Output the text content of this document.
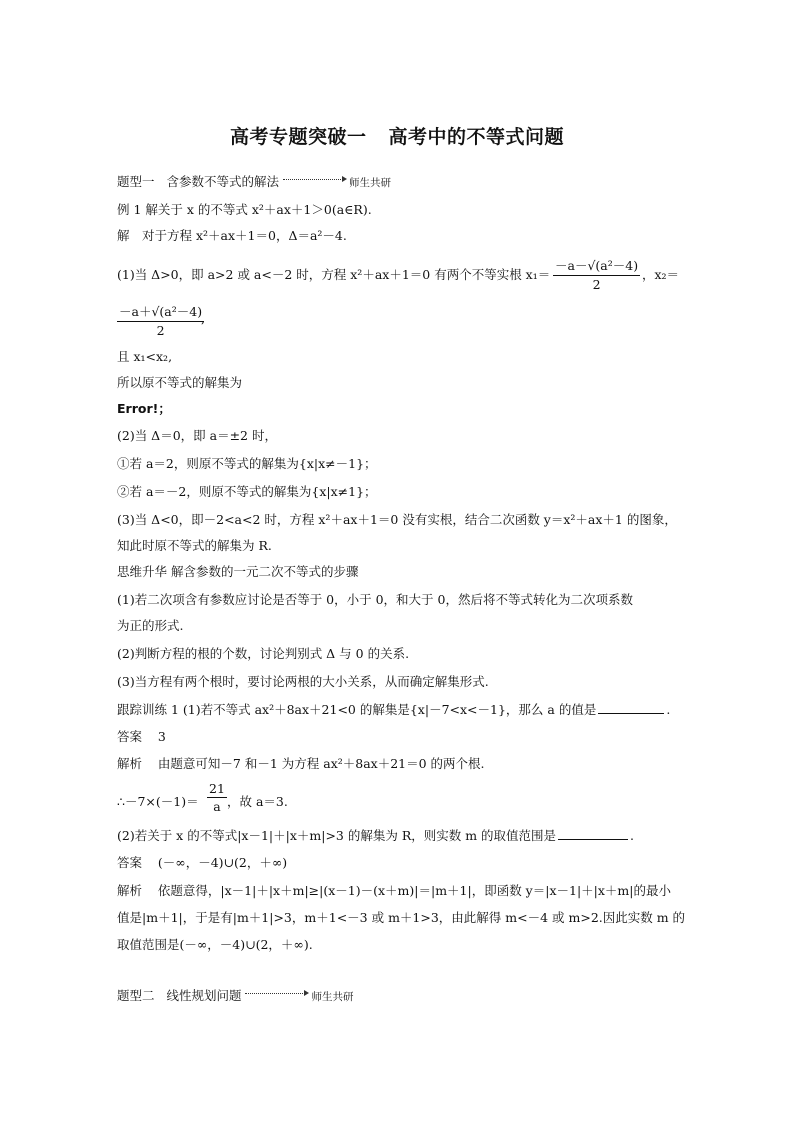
高考专题突破一 高考中的不等式问题
题型一 含参数不等式的解法	师生共研
例 1 解关于 x 的不等式 x²＋ax＋1＞0(a∈R).
解　对于方程 x²＋ax＋1＝0，Δ＝a²－4.
(1)当 Δ>0，即 a>2 或 a<－2 时，方程 x²＋ax＋1＝0 有两个不等实根 $x_1= \frac{\text{－a－√(a²－4)}}{2}$ ，x₂＝
$\frac{\text{－a＋√(a²－4)}}{2}$
,
且 x₁<x₂,
所以原不等式的解集为
Error!；
(2)当 Δ＝0，即 a＝±2 时，
①若 a＝2，则原不等式的解集为{x|x≠－1}；
②若 a＝－2，则原不等式的解集为{x|x≠1}；
(3)当 Δ<0，即－2<a<2 时，方程 x²＋ax＋1＝0 没有实根，结合二次函数 y＝x²＋ax＋1 的图象，
知此时原不等式的解集为 R.
思维升华 解含参数的一元二次不等式的步骤
(1)若二次项含有参数应讨论是否等于 0，小于 0，和大于 0，然后将不等式转化为二次项系数
为正的形式.
(2)判断方程的根的个数，讨论判别式 Δ 与 0 的关系.
(3)当方程有两个根时，要讨论两根的大小关系，从而确定解集形式.
跟踪训练 1 (1)若不等式 ax²＋8ax＋21<0 的解集是{x|－7<x<－1}，那么 a 的值是	.
答案 3
解析 由题意可知－7 和－1 为方程 ax²＋8ax＋21＝0 的两个根.
∴－7×(－1)＝ $\frac{21}{a}$ ，故 a＝3.
(2)若关于 x 的不等式|x－1|＋|x＋m|>3 的解集为 R，则实数 m 的取值范围是	.
答案 (－∞，－4)∪(2，＋∞)
解析 依题意得，|x－1|＋|x＋m|≥|(x－1)－(x＋m)|＝|m＋1|，即函数 y＝|x－1|＋|x＋m|的最小
值是|m＋1|，于是有|m＋1|>3，m＋1<－3 或 m＋1>3，由此解得 m<－4 或 m>2.因此实数 m 的
取值范围是(－∞，－4)∪(2，＋∞).
题型二 线性规划问题	师生共研
